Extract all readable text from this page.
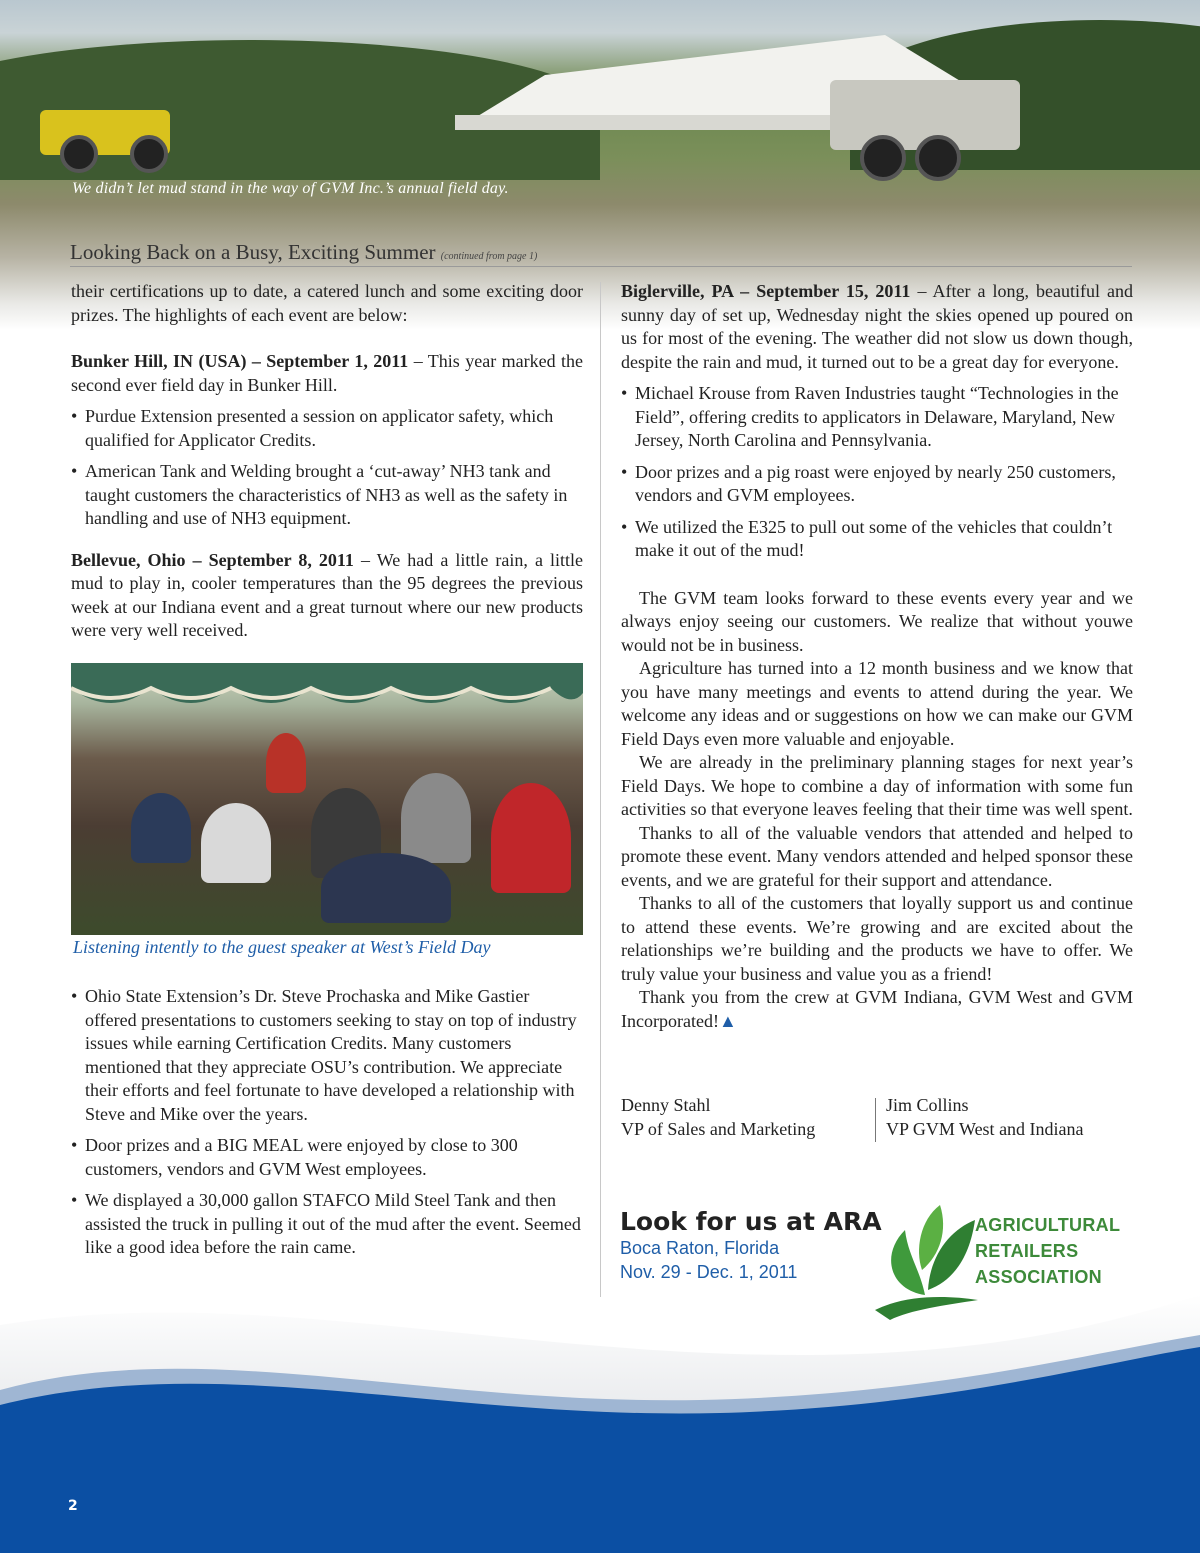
We didn’t let mud stand in the way of GVM Inc.’s annual field day.
Looking Back on a Busy, Exciting Summer (continued from page 1)

their certifications up to date, a catered lunch and some exciting door prizes. The highlights of each event are below:

Bunker Hill, IN (USA) – September 1, 2011 – This year marked the second ever field day in Bunker Hill.

• Purdue Extension presented a session on applicator safety, which qualified for Applicator Credits.
• American Tank and Welding brought a ‘cut-away’ NH3 tank and taught customers the characteristics of NH3 as well as the safety in handling and use of NH3 equipment.

Bellevue, Ohio – September 8, 2011 – We had a little rain, a little mud to play in, cooler temperatures than the 95 degrees the previous week at our Indiana event and a great turnout where our new products were very well received.

Listening intently to the guest speaker at West’s Field Day
• Ohio State Extension’s Dr. Steve Prochaska and Mike Gastier offered presentations to customers seeking to stay on top of industry issues while earning Certification Credits. Many customers mentioned that they appreciate OSU’s contribution. We appreciate their efforts and feel fortunate to have developed a relationship with Steve and Mike over the years.
• Door prizes and a BIG MEAL were enjoyed by close to 300 customers, vendors and GVM West employees.
• We displayed a 30,000 gallon STAFCO Mild Steel Tank and then assisted the truck in pulling it out of the mud after the event. Seemed like a good idea before the rain came.

Biglerville, PA – September 15, 2011 – After a long, beautiful and sunny day of set up, Wednesday night the skies opened up poured on us for most of the evening. The weather did not slow us down though, despite the rain and mud, it turned out to be a great day for everyone.

• Michael Krouse from Raven Industries taught “Technologies in the Field”, offering credits to applicators in Delaware, Maryland, New Jersey, North Carolina and Pennsylvania.
• Door prizes and a pig roast were enjoyed by nearly 250 customers, vendors and GVM employees.
• We utilized the E325 to pull out some of the vehicles that couldn’t make it out of the mud!

The GVM team looks forward to these events every year and we always enjoy seeing our customers. We realize that without youwe would not be in business.

Agriculture has turned into a 12 month business and we know that you have many meetings and events to attend during the year. We welcome any ideas and or suggestions on how we can make our GVM Field Days even more valuable and enjoyable.

We are already in the preliminary planning stages for next year’s Field Days. We hope to combine a day of information with some fun activities so that everyone leaves feeling that their time was well spent.

Thanks to all of the valuable vendors that attended and helped to promote these event. Many vendors attended and helped sponsor these events, and we are grateful for their support and attendance.

Thanks to all of the customers that loyally support us and continue to attend these events. We’re growing and are excited about the relationships we’re building and the products we have to offer. We truly value your business and value you as a friend!

Thank you from the crew at GVM Indiana, GVM West and GVM Incorporated!▲

Denny Stahl
VP of Sales and Marketing
Jim Collins
VP GVM West and Indiana
Look for us at ARA
Boca Raton, Florida
Nov. 29 - Dec. 1, 2011
AGRICULTURAL
RETAILERS
ASSOCIATION
2
